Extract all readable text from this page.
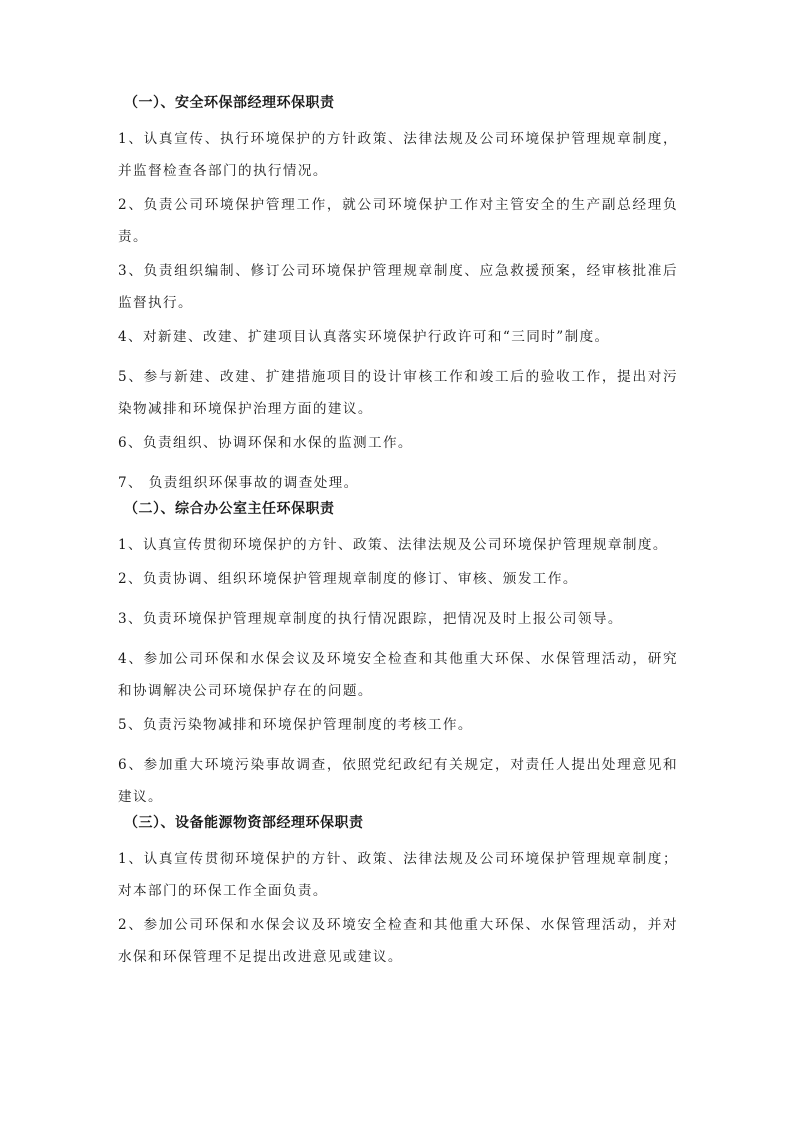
（一）、安全环保部经理环保职责

1、认真宣传、执行环境保护的方针政策、法律法规及公司环境保护管理规章制度，并监督检查各部门的执行情况。

2、负责公司环境保护管理工作，就公司环境保护工作对主管安全的生产副总经理负责。

3、负责组织编制、修订公司环境保护管理规章制度、应急救援预案，经审核批准后监督执行。

4、对新建、改建、扩建项目认真落实环境保护行政许可和“三同时”制度。

5、参与新建、改建、扩建措施项目的设计审核工作和竣工后的验收工作，提出对污染物减排和环境保护治理方面的建议。

6、负责组织、协调环保和水保的监测工作。

7、 负责组织环保事故的调查处理。

（二）、综合办公室主任环保职责

1、认真宣传贯彻环境保护的方针、政策、法律法规及公司环境保护管理规章制度。

2、负责协调、组织环境保护管理规章制度的修订、审核、颁发工作。

3、负责环境保护管理规章制度的执行情况跟踪，把情况及时上报公司领导。

4、参加公司环保和水保会议及环境安全检查和其他重大环保、水保管理活动，研究和协调解决公司环境保护存在的问题。

5、负责污染物减排和环境保护管理制度的考核工作。

6、参加重大环境污染事故调查，依照党纪政纪有关规定，对责任人提出处理意见和建议。

（三）、设备能源物资部经理环保职责

1、认真宣传贯彻环境保护的方针、政策、法律法规及公司环境保护管理规章制度；对本部门的环保工作全面负责。

2、参加公司环保和水保会议及环境安全检查和其他重大环保、水保管理活动，并对水保和环保管理不足提出改进意见或建议。
